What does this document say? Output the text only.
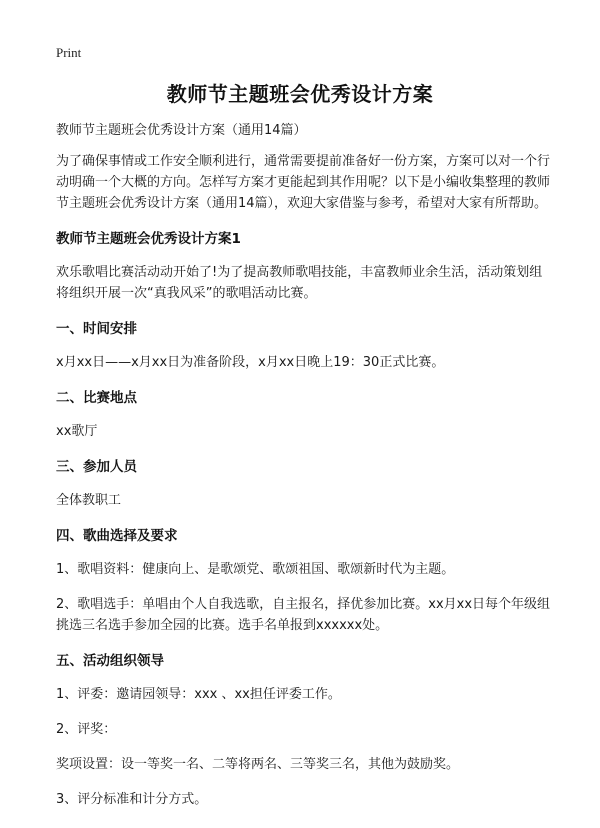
Print
教师节主题班会优秀设计方案

教师节主题班会优秀设计方案（通用14篇）

为了确保事情或工作安全顺利进行，通常需要提前准备好一份方案，方案可以对一个行动明确一个大概的方向。怎样写方案才更能起到其作用呢？以下是小编收集整理的教师节主题班会优秀设计方案（通用14篇），欢迎大家借鉴与参考，希望对大家有所帮助。

教师节主题班会优秀设计方案1

欢乐歌唱比赛活动动开始了!为了提高教师歌唱技能，丰富教师业余生活，活动策划组将组织开展一次“真我风采”的歌唱活动比赛。

一、时间安排

x月xx日——x月xx日为准备阶段，x月xx日晚上19：30正式比赛。

二、比赛地点

xx歌厅

三、参加人员

全体教职工

四、歌曲选择及要求

1、歌唱资料：健康向上、是歌颂党、歌颂祖国、歌颂新时代为主题。

2、歌唱选手：单唱由个人自我选歌，自主报名，择优参加比赛。xx月xx日每个年级组挑选三名选手参加全园的比赛。选手名单报到xxxxxx处。

五、活动组织领导

1、评委：邀请园领导：xxx 、xx担任评委工作。

2、评奖：

奖项设置：设一等奖一名、二等将两名、三等奖三名，其他为鼓励奖。

3、评分标准和计分方式。
